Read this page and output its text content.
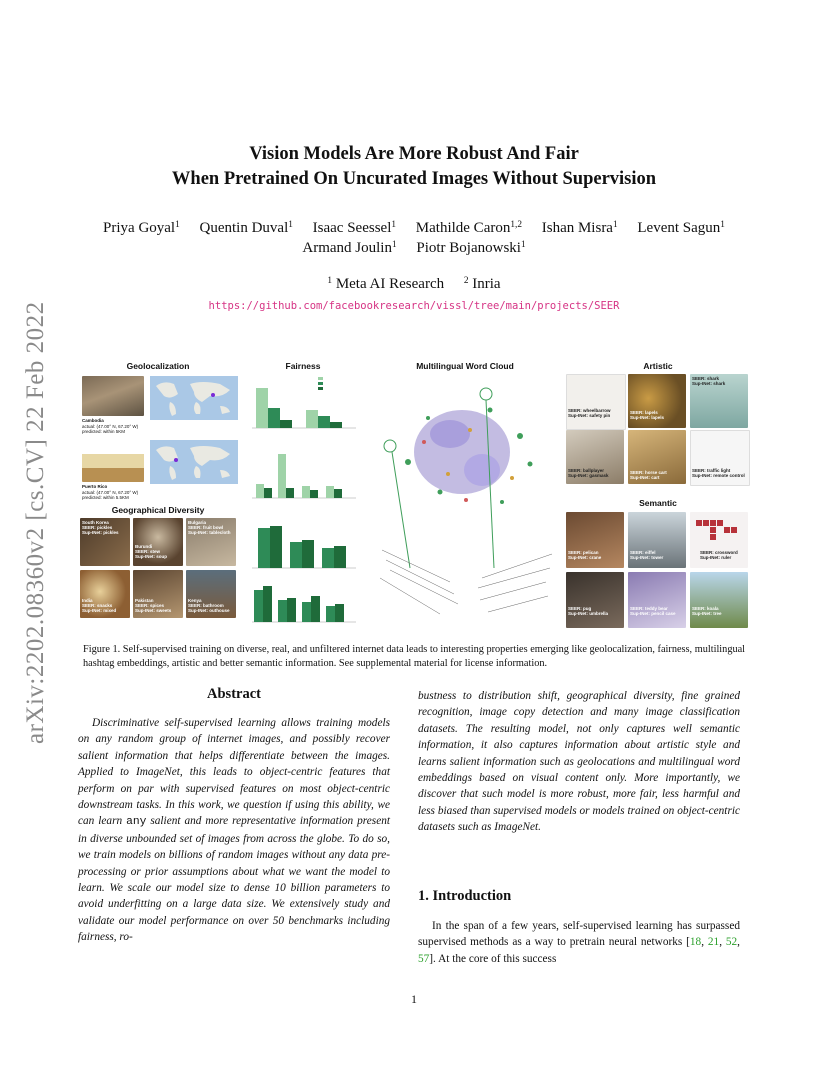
arXiv:2202.08360v2 [cs.CV] 22 Feb 2022
Vision Models Are More Robust And Fair
When Pretrained On Uncurated Images Without Supervision
Priya Goyal$^1$ Quentin Duval$^1$ Isaac Seessel$^1$ Mathilde Caron$^{1,2}$ Ishan Misra$^1$ Levent Sagun$^1$
Armand Joulin$^1$ Piotr Bojanowski$^1$
$^1$ Meta AI Research $^2$ Inria
https://github.com/facebookresearch/vissl/tree/main/projects/SEER
Geolocalization
Cambodia
actual: (47.00° N, 67.20° W)
predicted: within 5KM
Puerto Rico
actual: (47.00° N, 67.20° W)
predicted: within 5.5KM
Geographical Diversity
South Korea
SEER: pickles
Sup-INet: pickles
Burundi
SEER: stew
Sup-INet: soup
Bulgaria
SEER: fruit bowl
Sup-INet: tablecloth
India
SEER: snacks
Sup-INet: mixed
Pakistan
SEER: spices
Sup-INet: sweets
Kenya
SEER: bathroom
Sup-INet: outhouse
Fairness	Multilingual Word Cloud	Artistic
SEER: wheelbarrow
Sup-INet: safety pin
SEER: lapels
Sup-INet: lapels
SEER: shark
Sup-INet: shark
SEER: ballplayer
Sup-INet: gasmask
SEER: horse cart
Sup-INet: cart
SEER: traffic light
Sup-INet: remote control
Semantic
SEER: pelican
Sup-INet: crane
SEER: eiffel
Sup-INet: tower
SEER: crossword
Sup-INet: ruler
SEER: pug
Sup-INet: umbrella
SEER: teddy bear
Sup-INet: pencil case
SEER: koala
Sup-INet: tree
Figure 1. Self-supervised training on diverse, real, and unfiltered internet data leads to interesting properties emerging like geolocalization, fairness, multilingual hashtag embeddings, artistic and better semantic information. See supplemental material for license information.
Abstract
Discriminative self-supervised learning allows training models on any random group of internet images, and possibly recover salient information that helps differentiate between the images. Applied to ImageNet, this leads to object-centric features that perform on par with supervised features on most object-centric downstream tasks. In this work, we question if using this ability, we can learn any salient and more representative information present in diverse unbounded set of images from across the globe. To do so, we train models on billions of random images without any data pre-processing or prior assumptions about what we want the model to learn. We scale our model size to dense 10 billion parameters to avoid underfitting on a large data size. We extensively study and validate our model performance on over 50 benchmarks including fairness, ro-
bustness to distribution shift, geographical diversity, fine grained recognition, image copy detection and many image classification datasets. The resulting model, not only captures well semantic information, it also captures information about artistic style and learns salient information such as geolocations and multilingual word embeddings based on visual content only. More importantly, we discover that such model is more robust, more fair, less harmful and less biased than supervised models or models trained on object-centric datasets such as ImageNet.
1. Introduction
In the span of a few years, self-supervised learning has surpassed supervised methods as a way to pretrain neural networks [18, 21, 52, 57]. At the core of this success
1
